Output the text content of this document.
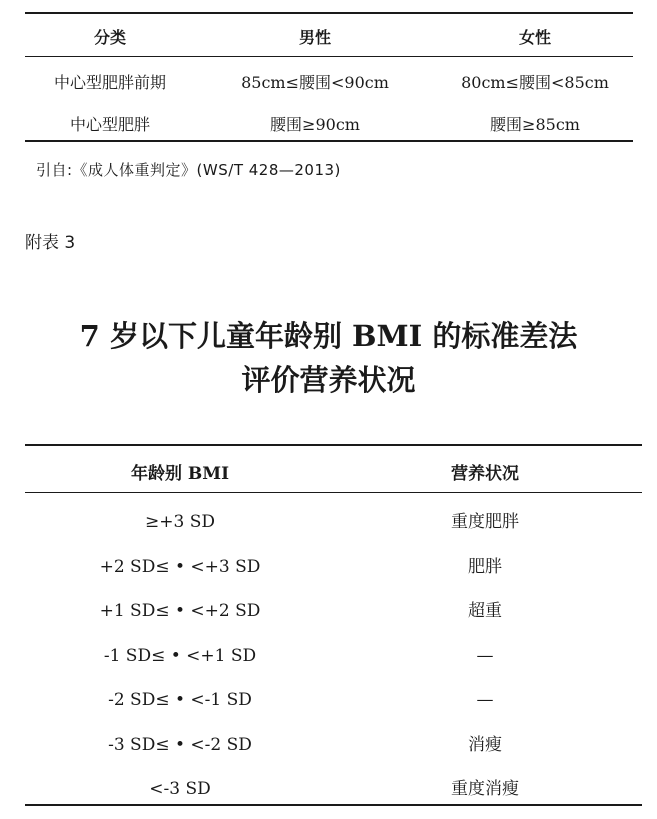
分类	男性	女性
中心型肥胖前期	85cm≤腰围<90cm	80cm≤腰围<85cm
中心型肥胖	腰围≥90cm	腰围≥85cm
引自:《成人体重判定》(WS/T 428—2013)
附表 3
7 岁以下儿童年龄别 BMI 的标准差法
评价营养状况
年龄别 BMI	营养状况
≥+3 SD	重度肥胖
+2 SD≤ • <+3 SD	肥胖
+1 SD≤ • <+2 SD	超重
-1 SD≤ • <+1 SD	—
-2 SD≤ • <-1 SD	—
-3 SD≤ • <-2 SD	消瘦
<-3 SD	重度消瘦
